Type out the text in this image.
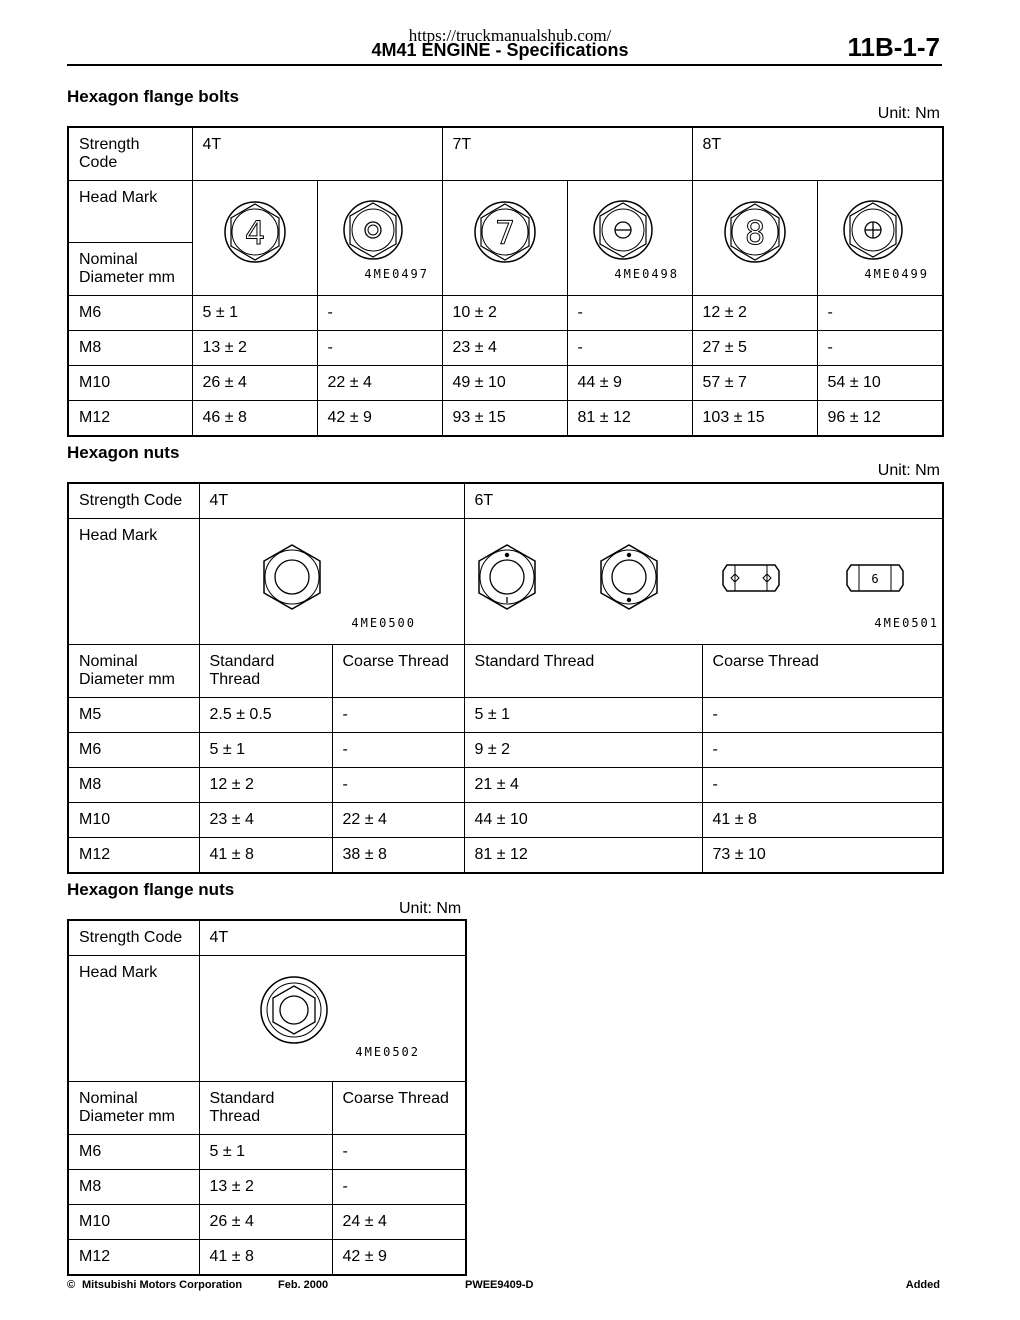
https://truckmanualshub.com/
4M41 ENGINE - Specifications	11B-1-7
Hexagon flange bolts
Unit: Nm
Strength Code	4T		7T		8T	
Head Mark	4	4ME0497	7	4ME0498	8	4ME0499

Nominal Diameter mm						
M6	5 ± 1	-	10 ± 2	-	12 ± 2	-
M8	13 ± 2	-	23 ± 4	-	27 ± 5	-
M10	26 ± 4	22 ± 4	49 ± 10	44 ± 9	57 ± 7	54 ± 10
M12	46 ± 8	42 ± 9	93 ± 15	81 ± 12	103 ± 15	96 ± 12
Hexagon nuts
Unit: Nm
Strength Code	4T		6T	
Head Mark	4ME0500		6
4ME0501	

Nominal Diameter mm	Standard Thread	Coarse Thread	Standard Thread	Coarse Thread
M5	2.5 ± 0.5	-	5 ± 1	-
M6	5 ± 1	-	9 ± 2	-
M8	12 ± 2	-	21 ± 4	-
M10	23 ± 4	22 ± 4	44 ± 10	41 ± 8
M12	41 ± 8	38 ± 8	81 ± 12	73 ± 10
Hexagon flange nuts
Unit: Nm
Strength Code	4T	
Head Mark	4ME0502	

Nominal Diameter mm	Standard Thread	Coarse Thread
M6	5 ± 1	-
M8	13 ± 2	-
M10	26 ± 4	24 ± 4
M12	41 ± 8	42 ± 9
© Mitsubishi Motors Corporation	Feb. 2000	PWEE9409-D	Added
